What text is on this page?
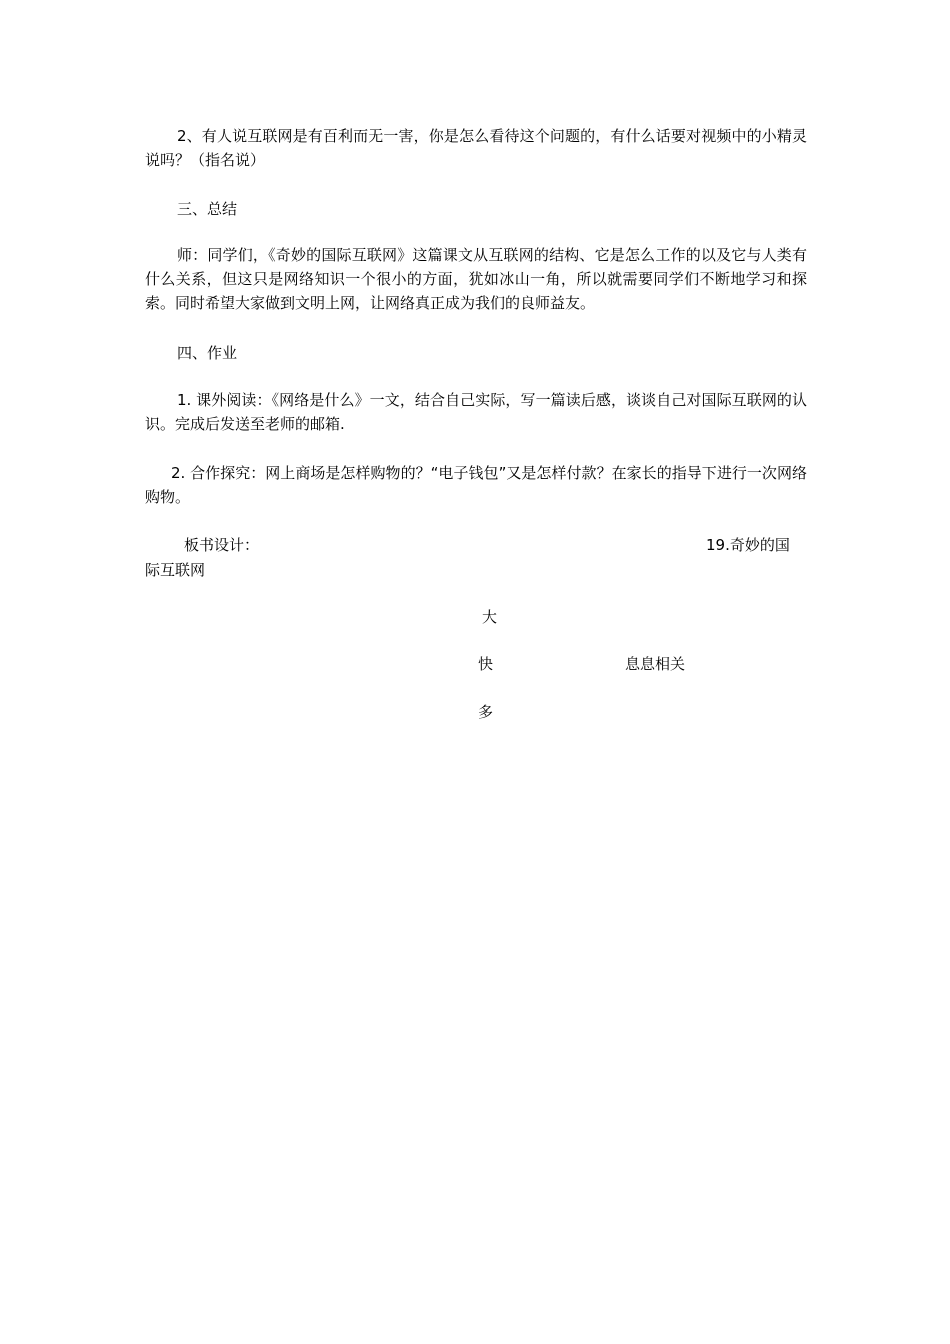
2、有人说互联网是有百利而无一害，你是怎么看待这个问题的，有什么话要对视频中的小精灵说吗？（指名说）

三、总结

师：同学们，《奇妙的国际互联网》这篇课文从互联网的结构、它是怎么工作的以及它与人类有什么关系，但这只是网络知识一个很小的方面，犹如冰山一角，所以就需要同学们不断地学习和探索。同时希望大家做到文明上网，让网络真正成为我们的良师益友。

四、作业

1. 课外阅读：《网络是什么》一文，结合自己实际，写一篇读后感，谈谈自己对国际互联网的认识。完成后发送至老师的邮箱.

2. 合作探究：网上商场是怎样购物的？“电子钱包”又是怎样付款？在家长的指导下进行一次网络购物。

板书设计：	19.奇妙的国

际互联网

大

快	息息相关

多
